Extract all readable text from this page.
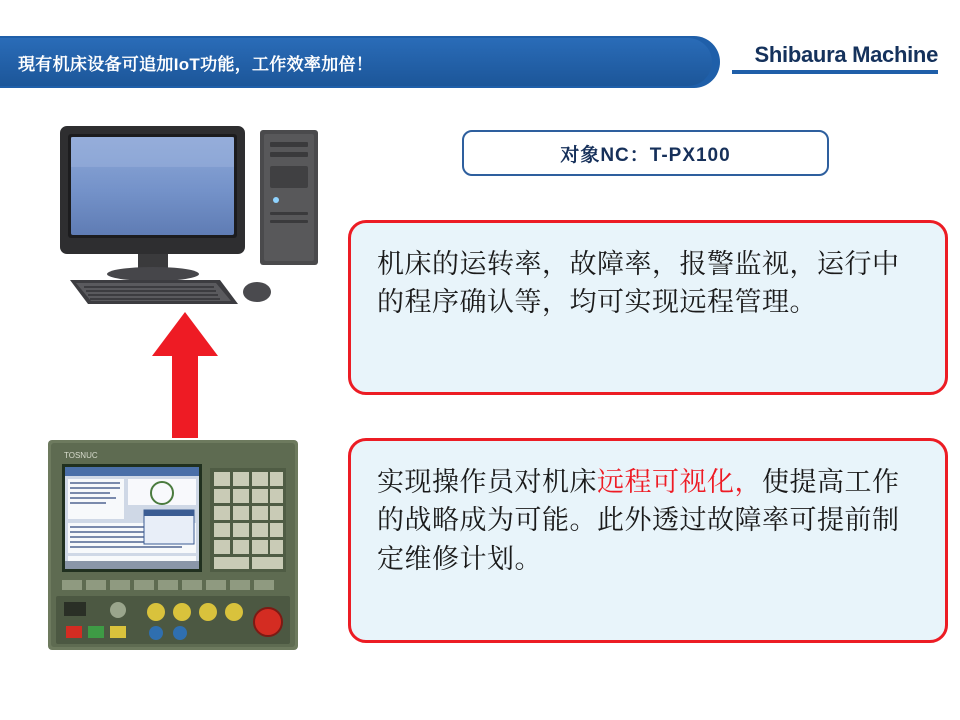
現有机床设备可追加IoT功能，工作效率加倍！	Shibaura Machine
TOSNUC
对象NC：T-PX100

机床的运转率，故障率，报警监视，运行中的程序确认等，均可实现远程管理。

实现操作员对机床远程可视化，使提高工作的战略成为可能。此外透过故障率可提前制定维修计划。
